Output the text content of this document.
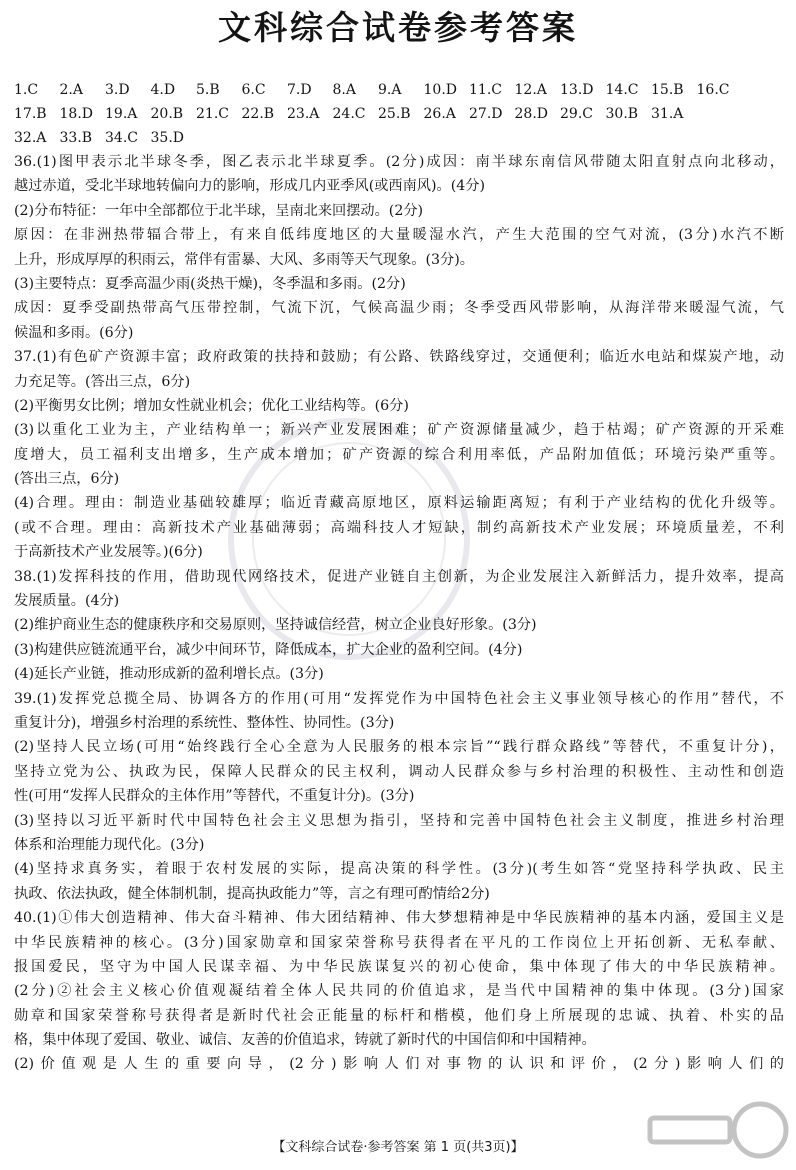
文科综合试卷参考答案
1.C 2.A 3.D 4.D 5.B 6.C 7.D 8.A 9.A 10.D 11.C 12.A 13.D 14.C 15.B 16.C
17.B 18.D 19.A 20.B 21.C 22.B 23.A 24.C 25.B 26.A 27.D 28.D 29.C 30.B 31.A
32.A 33.B 34.C 35.D
36.(1)图甲表示北半球冬季，图乙表示北半球夏季。(2分)成因：南半球东南信风带随太阳直射点向北移动，
越过赤道，受北半球地转偏向力的影响，形成几内亚季风(或西南风)。(4分)
(2)分布特征：一年中全部都位于北半球，呈南北来回摆动。(2分)
原因：在非洲热带辐合带上，有来自低纬度地区的大量暖湿水汽，产生大范围的空气对流，(3分)水汽不断
上升，形成厚厚的积雨云，常伴有雷暴、大风、多雨等天气现象。(3分)。
(3)主要特点：夏季高温少雨(炎热干燥)，冬季温和多雨。(2分)
成因：夏季受副热带高气压带控制，气流下沉，气候高温少雨；冬季受西风带影响，从海洋带来暖湿气流，气
候温和多雨。(6分)
37.(1)有色矿产资源丰富；政府政策的扶持和鼓励；有公路、铁路线穿过，交通便利；临近水电站和煤炭产地，动
力充足等。(答出三点，6分)
(2)平衡男女比例；增加女性就业机会；优化工业结构等。(6分)
(3)以重化工业为主，产业结构单一；新兴产业发展困难；矿产资源储量减少，趋于枯竭；矿产资源的开采难
度增大，员工福利支出增多，生产成本增加；矿产资源的综合利用率低，产品附加值低；环境污染严重等。
(答出三点，6分)
(4)合理。理由：制造业基础较雄厚；临近青藏高原地区，原料运输距离短；有利于产业结构的优化升级等。
(或不合理。理由：高新技术产业基础薄弱；高端科技人才短缺，制约高新技术产业发展；环境质量差，不利
于高新技术产业发展等。)(6分)
38.(1)发挥科技的作用，借助现代网络技术，促进产业链自主创新，为企业发展注入新鲜活力，提升效率，提高
发展质量。(4分)
(2)维护商业生态的健康秩序和交易原则，坚持诚信经营，树立企业良好形象。(3分)
(3)构建供应链流通平台，减少中间环节，降低成本，扩大企业的盈利空间。(4分)
(4)延长产业链，推动形成新的盈利增长点。(3分)
39.(1)发挥党总揽全局、协调各方的作用(可用“发挥党作为中国特色社会主义事业领导核心的作用”替代，不
重复计分)，增强乡村治理的系统性、整体性、协同性。(3分)
(2)坚持人民立场(可用“始终践行全心全意为人民服务的根本宗旨”“践行群众路线”等替代，不重复计分)，
坚持立党为公、执政为民，保障人民群众的民主权利，调动人民群众参与乡村治理的积极性、主动性和创造
性(可用“发挥人民群众的主体作用”等替代，不重复计分)。(3分)
(3)坚持以习近平新时代中国特色社会主义思想为指引，坚持和完善中国特色社会主义制度，推进乡村治理
体系和治理能力现代化。(3分)
(4)坚持求真务实，着眼于农村发展的实际，提高决策的科学性。(3分)(考生如答“党坚持科学执政、民主
执政、依法执政，健全体制机制，提高执政能力”等，言之有理可酌情给2分)
40.(1)①伟大创造精神、伟大奋斗精神、伟大团结精神、伟大梦想精神是中华民族精神的基本内涵，爱国主义是
中华民族精神的核心。(3分)国家勋章和国家荣誉称号获得者在平凡的工作岗位上开拓创新、无私奉献、
报国爱民，坚守为中国人民谋幸福、为中华民族谋复兴的初心使命，集中体现了伟大的中华民族精神。
(2分)②社会主义核心价值观凝结着全体人民共同的价值追求，是当代中国精神的集中体现。(3分)国家
勋章和国家荣誉称号获得者是新时代社会正能量的标杆和楷模，他们身上所展现的忠诚、执着、朴实的品
格，集中体现了爱国、敬业、诚信、友善的价值追求，铸就了新时代的中国信仰和中国精神。
(2)价值观是人生的重要向导，(2分)影响人们对事物的认识和评价，(2分)影响人们的
【文科综合试卷·参考答案 第 1 页(共3页)】
